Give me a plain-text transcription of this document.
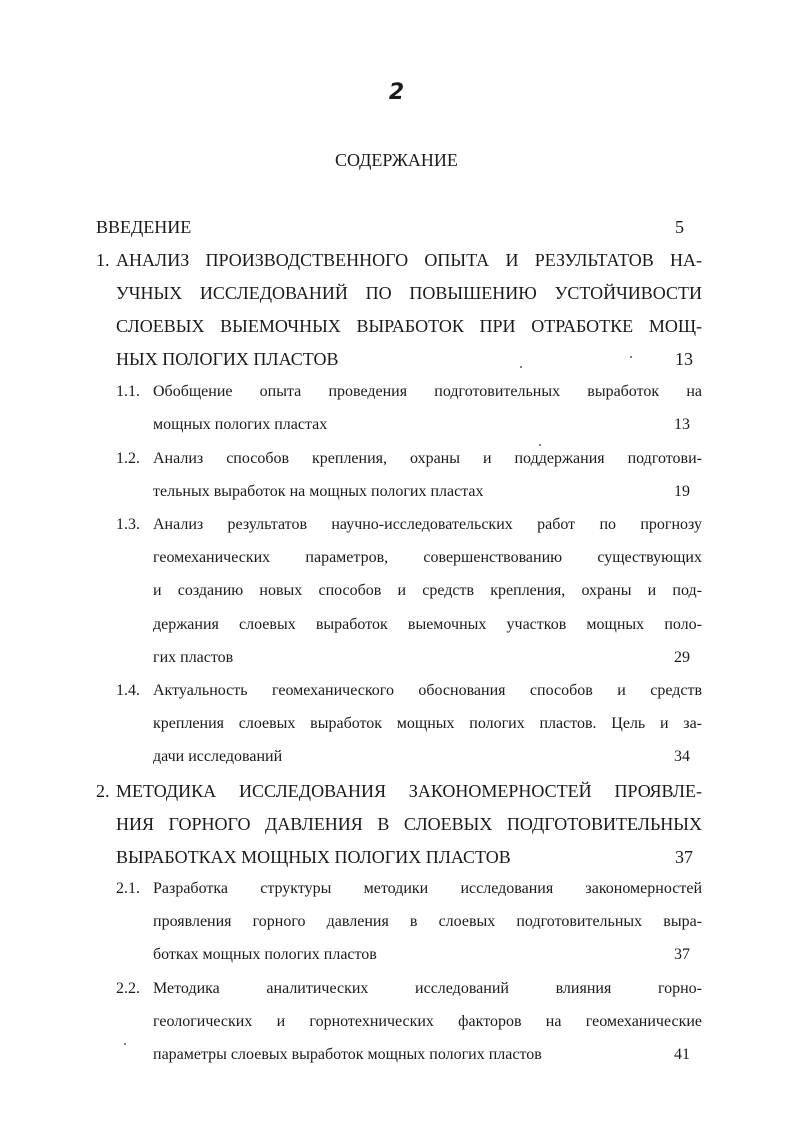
2
СОДЕРЖАНИЕ
ВВЕДЕНИЕ	5
1. АНАЛИЗ ПРОИЗВОДСТВЕННОГО ОПЫТА И РЕЗУЛЬТАТОВ НА-
УЧНЫХ ИССЛЕДОВАНИЙ ПО ПОВЫШЕНИЮ УСТОЙЧИВОСТИ
СЛОЕВЫХ ВЫЕМОЧНЫХ ВЫРАБОТОК ПРИ ОТРАБОТКЕ МОЩ-
НЫХ ПОЛОГИХ ПЛАСТОВ	13
1.1. Обобщение опыта проведения подготовительных выработок на
мощных пологих пластах	13
1.2. Анализ способов крепления, охраны и поддержания подготови-
тельных выработок на мощных пологих пластах	19
1.3. Анализ результатов научно-исследовательских работ по прогнозу
геомеханических параметров, совершенствованию существующих
и созданию новых способов и средств крепления, охраны и под-
держания слоевых выработок выемочных участков мощных поло-
гих пластов	29
1.4. Актуальность геомеханического обоснования способов и средств
крепления слоевых выработок мощных пологих пластов. Цель и за-
дачи исследований	34
2. МЕТОДИКА ИССЛЕДОВАНИЯ ЗАКОНОМЕРНОСТЕЙ ПРОЯВЛЕ-
НИЯ ГОРНОГО ДАВЛЕНИЯ В СЛОЕВЫХ ПОДГОТОВИТЕЛЬНЫХ
ВЫРАБОТКАХ МОЩНЫХ ПОЛОГИХ ПЛАСТОВ	37
2.1. Разработка структуры методики исследования закономерностей
проявления горного давления в слоевых подготовительных выра-
ботках мощных пологих пластов	37
2.2. Методика аналитических исследований влияния горно-
геологических и горнотехнических факторов на геомеханические
параметры слоевых выработок мощных пологих пластов	41
